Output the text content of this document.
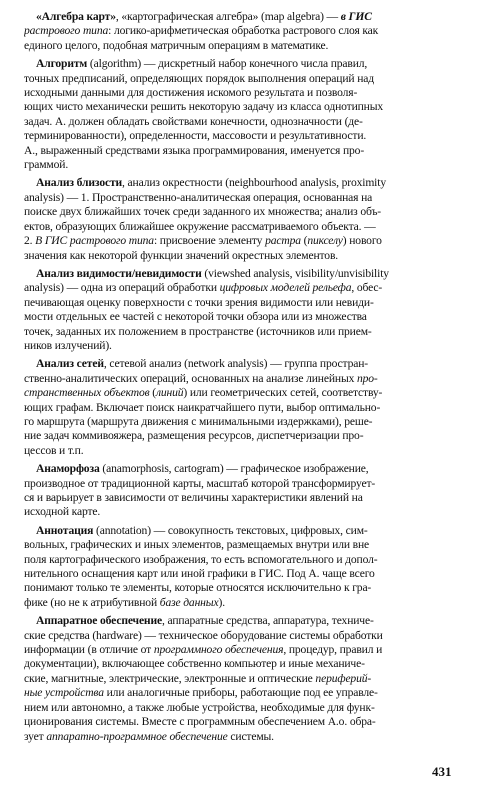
«Алгебра карт», «картографическая алгебра» (map algebra) — в ГИС
растрового типа: логико-арифметическая обработка растрового слоя как
единого целого, подобная матричным операциям в математике.
Алгоритм (algorithm) — дискретный набор конечного числа правил,
точных предписаний, определяющих порядок выполнения операций над
исходными данными для достижения искомого результата и позволя-
ющих чисто механически решить некоторую задачу из класса однотипных
задач. А. должен обладать свойствами конечности, однозначности (де-
терминированности), определенности, массовости и результативности.
А., выраженный средствами языка программирования, именуется про-
граммой.
Анализ близости, анализ окрестности (neighbourhood analysis, proximity
analysis) — 1. Пространственно-аналитическая операция, основанная на
поиске двух ближайших точек среди заданного их множества; анализ объ-
ектов, образующих ближайшее окружение рассматриваемого объекта. —
2. В ГИС растрового типа: присвоение элементу растра (пикселу) нового
значения как некоторой функции значений окрестных элементов.
Анализ видимости/невидимости (viewshed analysis, visibility/unvisibility
analysis) — одна из операций обработки цифровых моделей рельефа, обес-
печивающая оценку поверхности с точки зрения видимости или невиди-
мости отдельных ее частей с некоторой точки обзора или из множества
точек, заданных их положением в пространстве (источников или прием-
ников излучений).
Анализ сетей, сетевой анализ (network analysis) — группа простран-
ственно-аналитических операций, основанных на анализе линейных про-
странственных объектов (линий) или геометрических сетей, соответству-
ющих графам. Включает поиск наикратчайшего пути, выбор оптимально-
го маршрута (маршрута движения с минимальными издержками), реше-
ние задач коммивояжера, размещения ресурсов, диспетчеризации про-
цессов и т.п.
Анаморфоза (anamorphosis, cartogram) — графическое изображение,
производное от традиционной карты, масштаб которой трансформирует-
ся и варьирует в зависимости от величины характеристики явлений на
исходной карте.
Аннотация (annotation) — совокупность текстовых, цифровых, сим-
вольных, графических и иных элементов, размещаемых внутри или вне
поля картографического изображения, то есть вспомогательного и допол-
нительного оснащения карт или иной графики в ГИС. Под А. чаще всего
понимают только те элементы, которые относятся исключительно к гра-
фике (но не к атрибутивной базе данных).
Аппаратное обеспечение, аппаратные средства, аппаратура, техниче-
ские средства (hardware) — техническое оборудование системы обработки
информации (в отличие от программного обеспечения, процедур, правил и
документации), включающее собственно компьютер и иные механиче-
ские, магнитные, электрические, электронные и оптические периферий-
ные устройства или аналогичные приборы, работающие под ее управле-
нием или автономно, а также любые устройства, необходимые для функ-
ционирования системы. Вместе с программным обеспечением А.о. обра-
зует аппаратно-программное обеспечение системы.
431
